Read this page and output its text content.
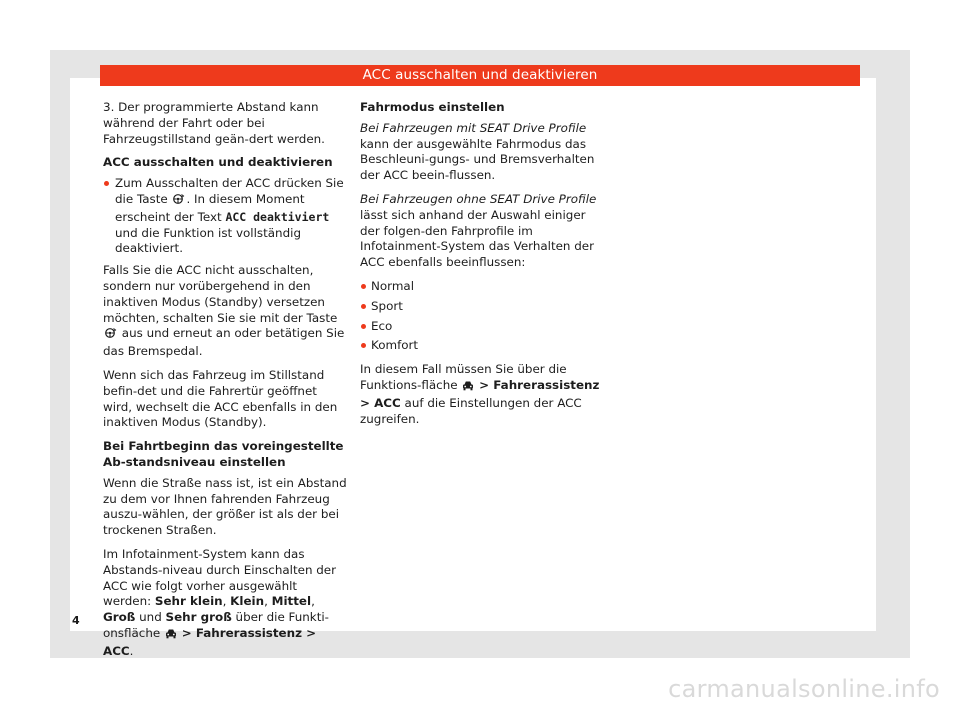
ACC ausschalten und deaktivieren

3. Der programmierte Abstand kann während der Fahrt oder bei Fahrzeugstillstand geän-dert werden.

ACC ausschalten und deaktivieren

Zum Ausschalten der ACC drücken Sie die Taste . In diesem Moment erscheint der Text ACC deaktiviert und die Funktion ist vollständig deaktiviert.

Falls Sie die ACC nicht ausschalten, sondern nur vorübergehend in den inaktiven Modus (Standby) versetzen möchten, schalten Sie sie mit der Taste  aus und erneut an oder betätigen Sie das Bremspedal.

Wenn sich das Fahrzeug im Stillstand befin-det und die Fahrertür geöffnet wird, wechselt die ACC ebenfalls in den inaktiven Modus (Standby).

Bei Fahrtbeginn das voreingestellte Ab-standsniveau einstellen

Wenn die Straße nass ist, ist ein Abstand zu dem vor Ihnen fahrenden Fahrzeug auszu-wählen, der größer ist als der bei trockenen Straßen.

Im Infotainment-System kann das Abstands-niveau durch Einschalten der ACC wie folgt vorher ausgewählt werden: Sehr klein, Klein, Mittel, Groß und Sehr groß über die Funkti-onsfläche > Fahrerassistenz > ACC.

Fahrmodus einstellen

Bei Fahrzeugen mit SEAT Drive Profile kann der ausgewählte Fahrmodus das Beschleuni-gungs- und Bremsverhalten der ACC beein-flussen.

Bei Fahrzeugen ohne SEAT Drive Profile lässt sich anhand der Auswahl einiger der folgen-den Fahrprofile im Infotainment-System das Verhalten der ACC ebenfalls beeinflussen:

Normal
Sport
Eco
Komfort

In diesem Fall müssen Sie über die Funktions-fläche > Fahrerassistenz > ACC auf die Einstellungen der ACC zugreifen.

4
carmanualsonline.info
